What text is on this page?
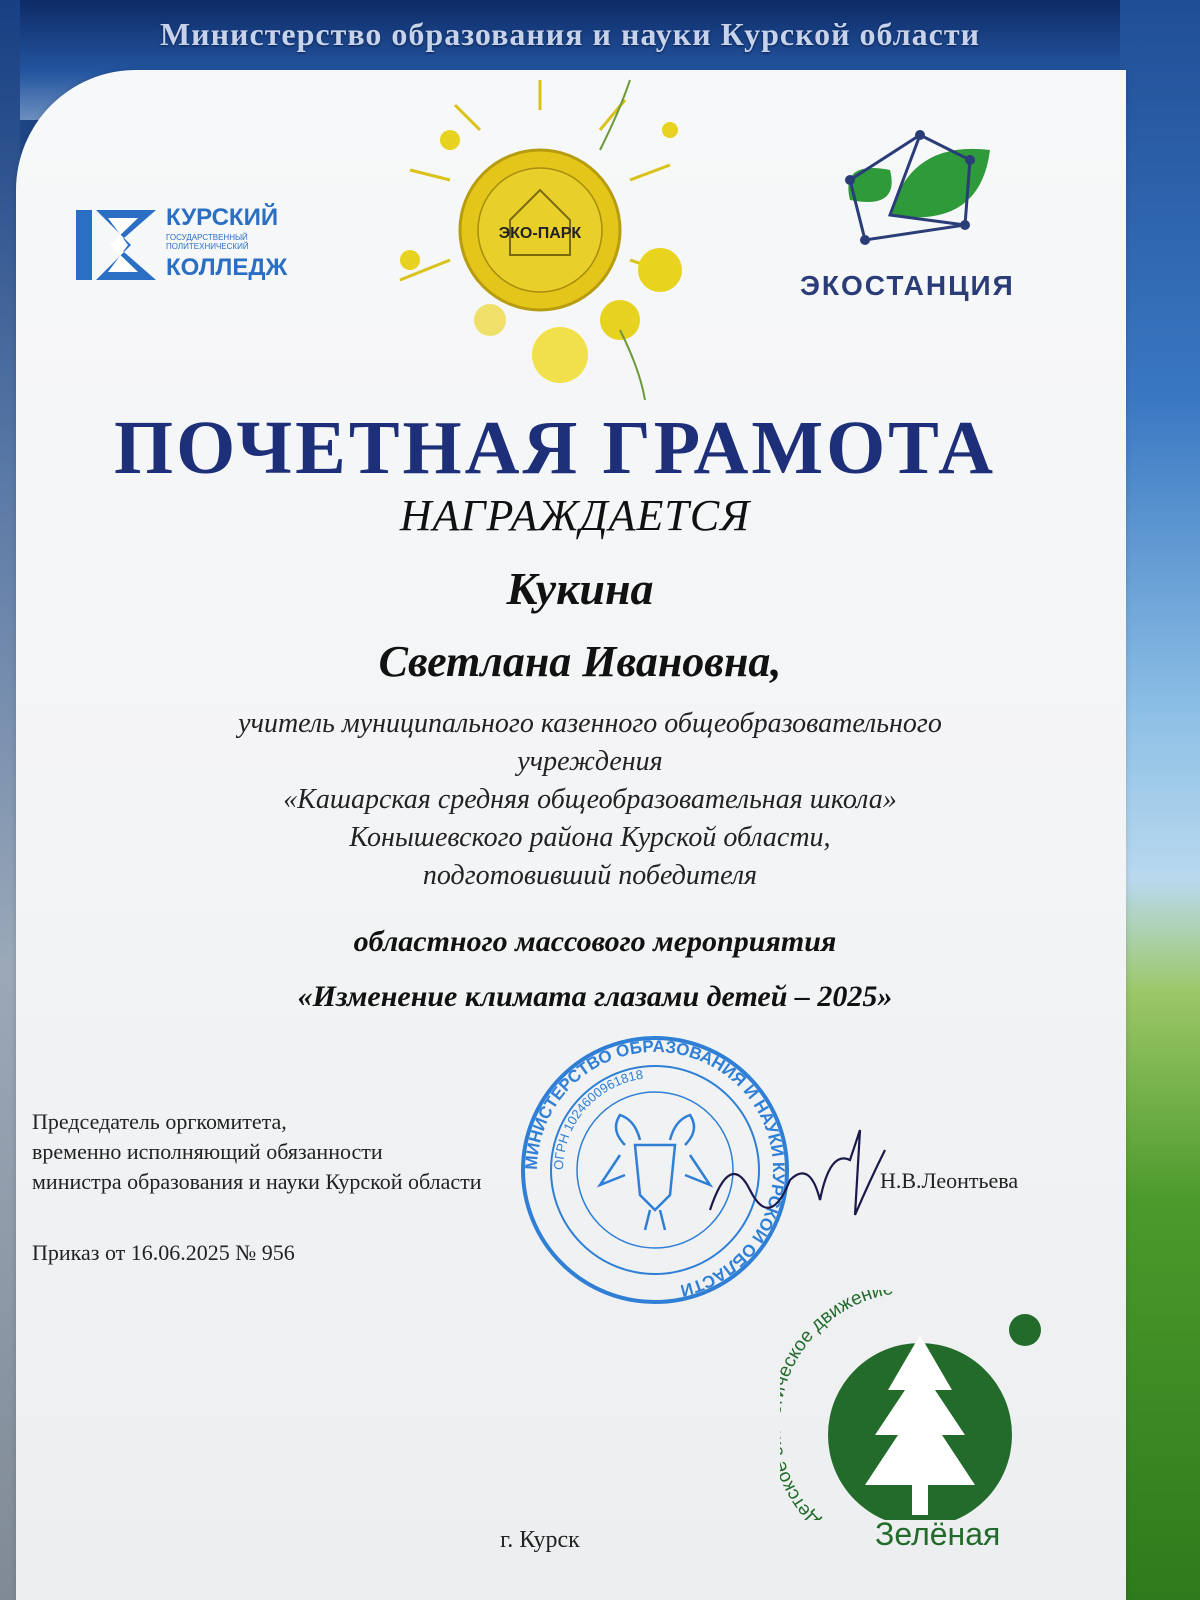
Министерство образования и науки Курской области
КУРСКИЙ
ГОСУДАРСТВЕННЫЙ ПОЛИТЕХНИЧЕСКИЙ
КОЛЛЕДЖ
ЭКО-ПАРК
ЭКОСТАНЦИЯ
ПОЧЕТНАЯ ГРАМОТА
НАГРАЖДАЕТСЯ
Кукина
Светлана Ивановна,
учитель муниципального казенного общеобразовательного
учреждения
«Кашарская средняя общеобразовательная школа»
Конышевского района Курской области,
подготовивший победителя
областного массового мероприятия
«Изменение климата глазами детей – 2025»
МИНИСТЕРСТВО ОБРАЗОВАНИЯ И НАУКИ КУРСКОЙ ОБЛАСТИ
ОГРН 1024600961818
Председатель оргкомитета,
временно исполняющий обязанности
министра образования и науки Курской области	Н.В.Леонтьева
Приказ от 16.06.2025 № 956
Детс ское движени
Зелёная
г. Курск
